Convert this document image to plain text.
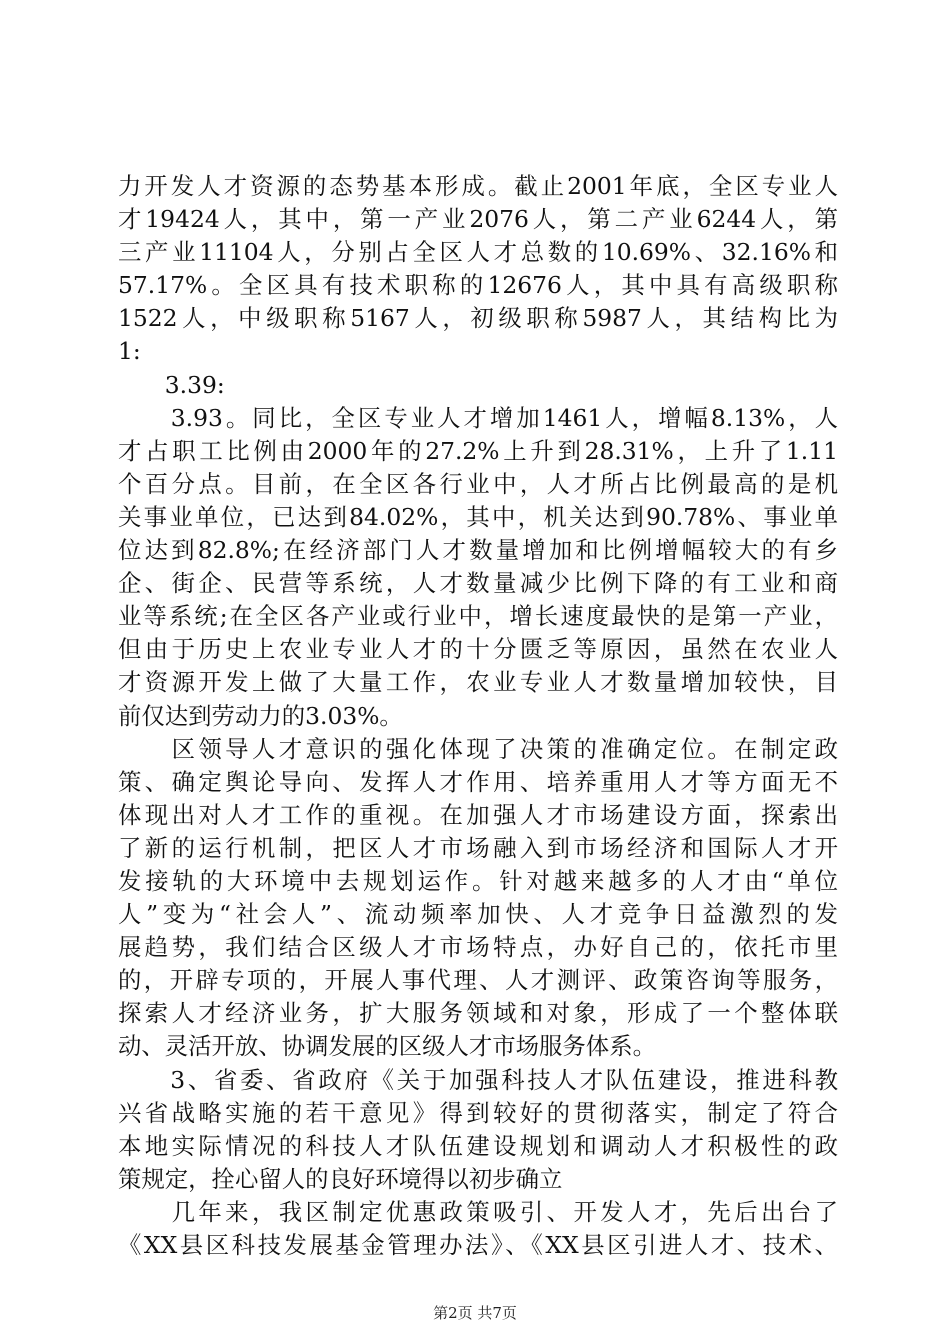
力开发人才资源的态势基本形成。截止2001年底，全区专业人
才19424人，其中，第一产业2076人，第二产业6244人，第
三产业11104人，分别占全区人才总数的10.69%、32.16%和
57.17%。全区具有技术职称的12676人，其中具有高级职称
1522人，中级职称5167人，初级职称5987人，其结构比为
1:
　　3.39:
　　3.93。同比，全区专业人才增加1461人，增幅8.13%，人
才占职工比例由2000年的27.2%上升到28.31%，上升了1.11
个百分点。目前，在全区各行业中，人才所占比例最高的是机
关事业单位，已达到84.02%，其中，机关达到90.78%、事业单
位达到82.8%;在经济部门人才数量增加和比例增幅较大的有乡
企、街企、民营等系统，人才数量减少比例下降的有工业和商
业等系统;在全区各产业或行业中，增长速度最快的是第一产业，
但由于历史上农业专业人才的十分匮乏等原因，虽然在农业人
才资源开发上做了大量工作，农业专业人才数量增加较快，目
前仅达到劳动力的3.03%。
　　区领导人才意识的强化体现了决策的准确定位。在制定政
策、确定舆论导向、发挥人才作用、培养重用人才等方面无不
体现出对人才工作的重视。在加强人才市场建设方面，探索出
了新的运行机制，把区人才市场融入到市场经济和国际人才开
发接轨的大环境中去规划运作。针对越来越多的人才由“单位
人”变为“社会人”、流动频率加快、人才竞争日益激烈的发
展趋势，我们结合区级人才市场特点，办好自己的，依托市里
的，开辟专项的，开展人事代理、人才测评、政策咨询等服务，
探索人才经济业务，扩大服务领域和对象，形成了一个整体联
动、灵活开放、协调发展的区级人才市场服务体系。
　　3、省委、省政府《关于加强科技人才队伍建设，推进科教
兴省战略实施的若干意见》得到较好的贯彻落实，制定了符合
本地实际情况的科技人才队伍建设规划和调动人才积极性的政
策规定，拴心留人的良好环境得以初步确立
　　几年来，我区制定优惠政策吸引、开发人才，先后出台了
《XX县区科技发展基金管理办法》、《XX县区引进人才、技术、
第2页 共7页
